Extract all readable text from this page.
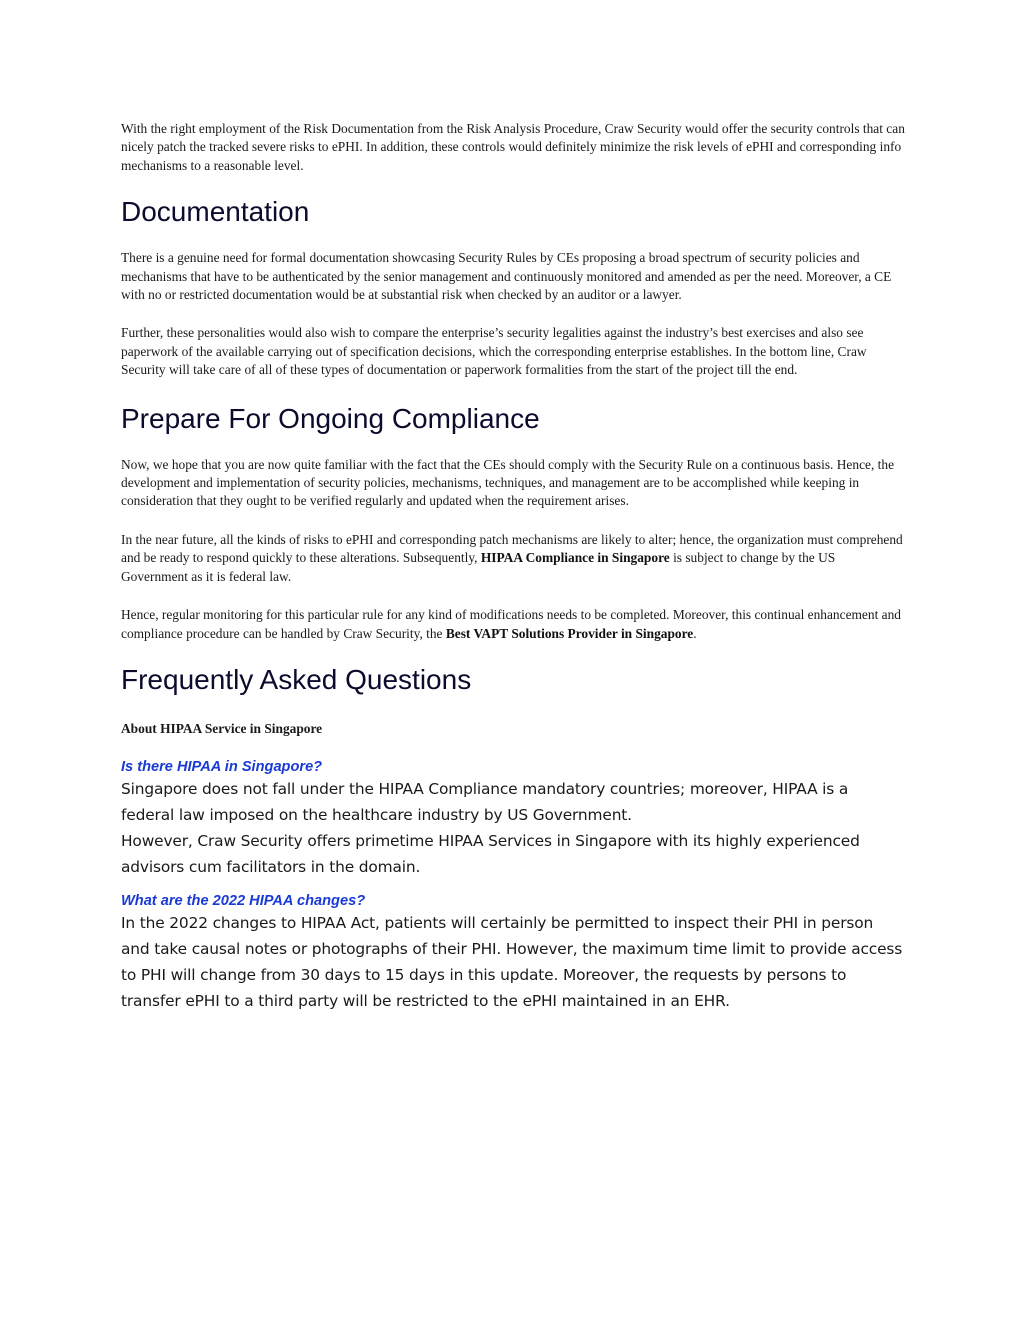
With the right employment of the Risk Documentation from the Risk Analysis Procedure, Craw Security would offer the security controls that can nicely patch the tracked severe risks to ePHI. In addition, these controls would definitely minimize the risk levels of ePHI and corresponding info mechanisms to a reasonable level.

Documentation

There is a genuine need for formal documentation showcasing Security Rules by CEs proposing a broad spectrum of security policies and mechanisms that have to be authenticated by the senior management and continuously monitored and amended as per the need. Moreover, a CE with no or restricted documentation would be at substantial risk when checked by an auditor or a lawyer.

Further, these personalities would also wish to compare the enterprise’s security legalities against the industry’s best exercises and also see paperwork of the available carrying out of specification decisions, which the corresponding enterprise establishes. In the bottom line, Craw Security will take care of all of these types of documentation or paperwork formalities from the start of the project till the end.

Prepare For Ongoing Compliance

Now, we hope that you are now quite familiar with the fact that the CEs should comply with the Security Rule on a continuous basis. Hence, the development and implementation of security policies, mechanisms, techniques, and management are to be accomplished while keeping in consideration that they ought to be verified regularly and updated when the requirement arises.

In the near future, all the kinds of risks to ePHI and corresponding patch mechanisms are likely to alter; hence, the organization must comprehend and be ready to respond quickly to these alterations. Subsequently, HIPAA Compliance in Singapore is subject to change by the US Government as it is federal law.

Hence, regular monitoring for this particular rule for any kind of modifications needs to be completed. Moreover, this continual enhancement and compliance procedure can be handled by Craw Security, the Best VAPT Solutions Provider in Singapore.

Frequently Asked Questions

About HIPAA Service in Singapore

Is there HIPAA in Singapore?

Singapore does not fall under the HIPAA Compliance mandatory countries; moreover, HIPAA is a federal law imposed on the healthcare industry by US Government.

However, Craw Security offers primetime HIPAA Services in Singapore with its highly experienced advisors cum facilitators in the domain.

What are the 2022 HIPAA changes?

In the 2022 changes to HIPAA Act, patients will certainly be permitted to inspect their PHI in person and take causal notes or photographs of their PHI. However, the maximum time limit to provide access to PHI will change from 30 days to 15 days in this update. Moreover, the requests by persons to transfer ePHI to a third party will be restricted to the ePHI maintained in an EHR.
